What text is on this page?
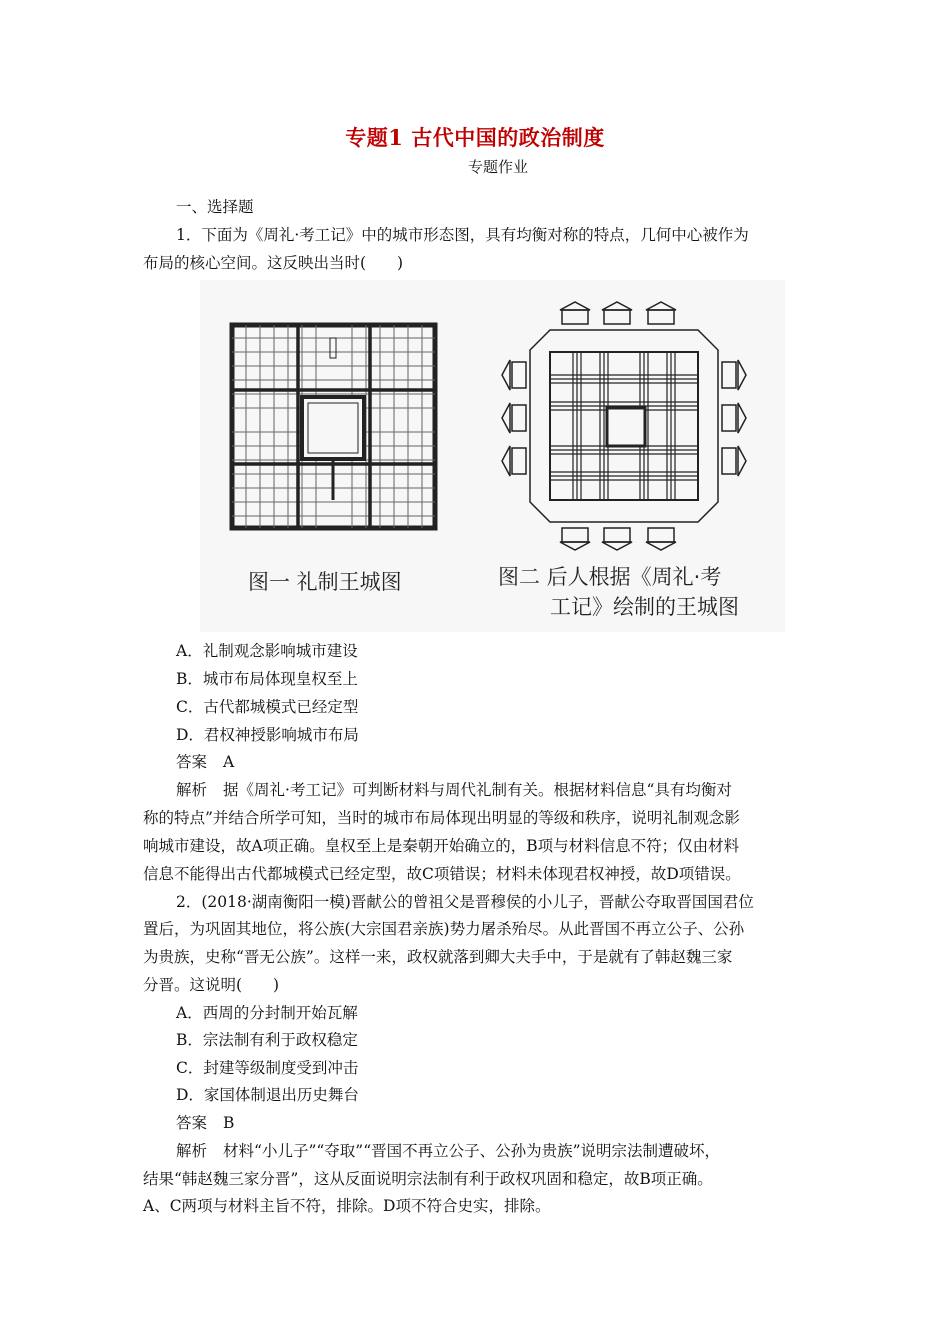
专题1 古代中国的政治制度
专题作业
一、选择题
1．下面为《周礼·考工记》中的城市形态图，具有均衡对称的特点，几何中心被作为
布局的核心空间。这反映出当时(　　)
图一 礼制王城图	图二 后人根据《周礼·考
工记》绘制的王城图
A．礼制观念影响城市建设
B．城市布局体现皇权至上
C．古代都城模式已经定型
D．君权神授影响城市布局
答案 A
解析 据《周礼·考工记》可判断材料与周代礼制有关。根据材料信息“具有均衡对
称的特点”并结合所学可知，当时的城市布局体现出明显的等级和秩序，说明礼制观念影
响城市建设，故A项正确。皇权至上是秦朝开始确立的，B项与材料信息不符；仅由材料
信息不能得出古代都城模式已经定型，故C项错误；材料未体现君权神授，故D项错误。
2．(2018·湖南衡阳一模)晋献公的曾祖父是晋穆侯的小儿子，晋献公夺取晋国国君位
置后，为巩固其地位，将公族(大宗国君亲族)势力屠杀殆尽。从此晋国不再立公子、公孙
为贵族，史称“晋无公族”。这样一来，政权就落到卿大夫手中，于是就有了韩赵魏三家
分晋。这说明(　　)
A．西周的分封制开始瓦解
B．宗法制有利于政权稳定
C．封建等级制度受到冲击
D．家国体制退出历史舞台
答案 B
解析 材料“小儿子”“夺取”“晋国不再立公子、公孙为贵族”说明宗法制遭破坏，
结果“韩赵魏三家分晋”，这从反面说明宗法制有利于政权巩固和稳定，故B项正确。
A、C两项与材料主旨不符，排除。D项不符合史实，排除。
